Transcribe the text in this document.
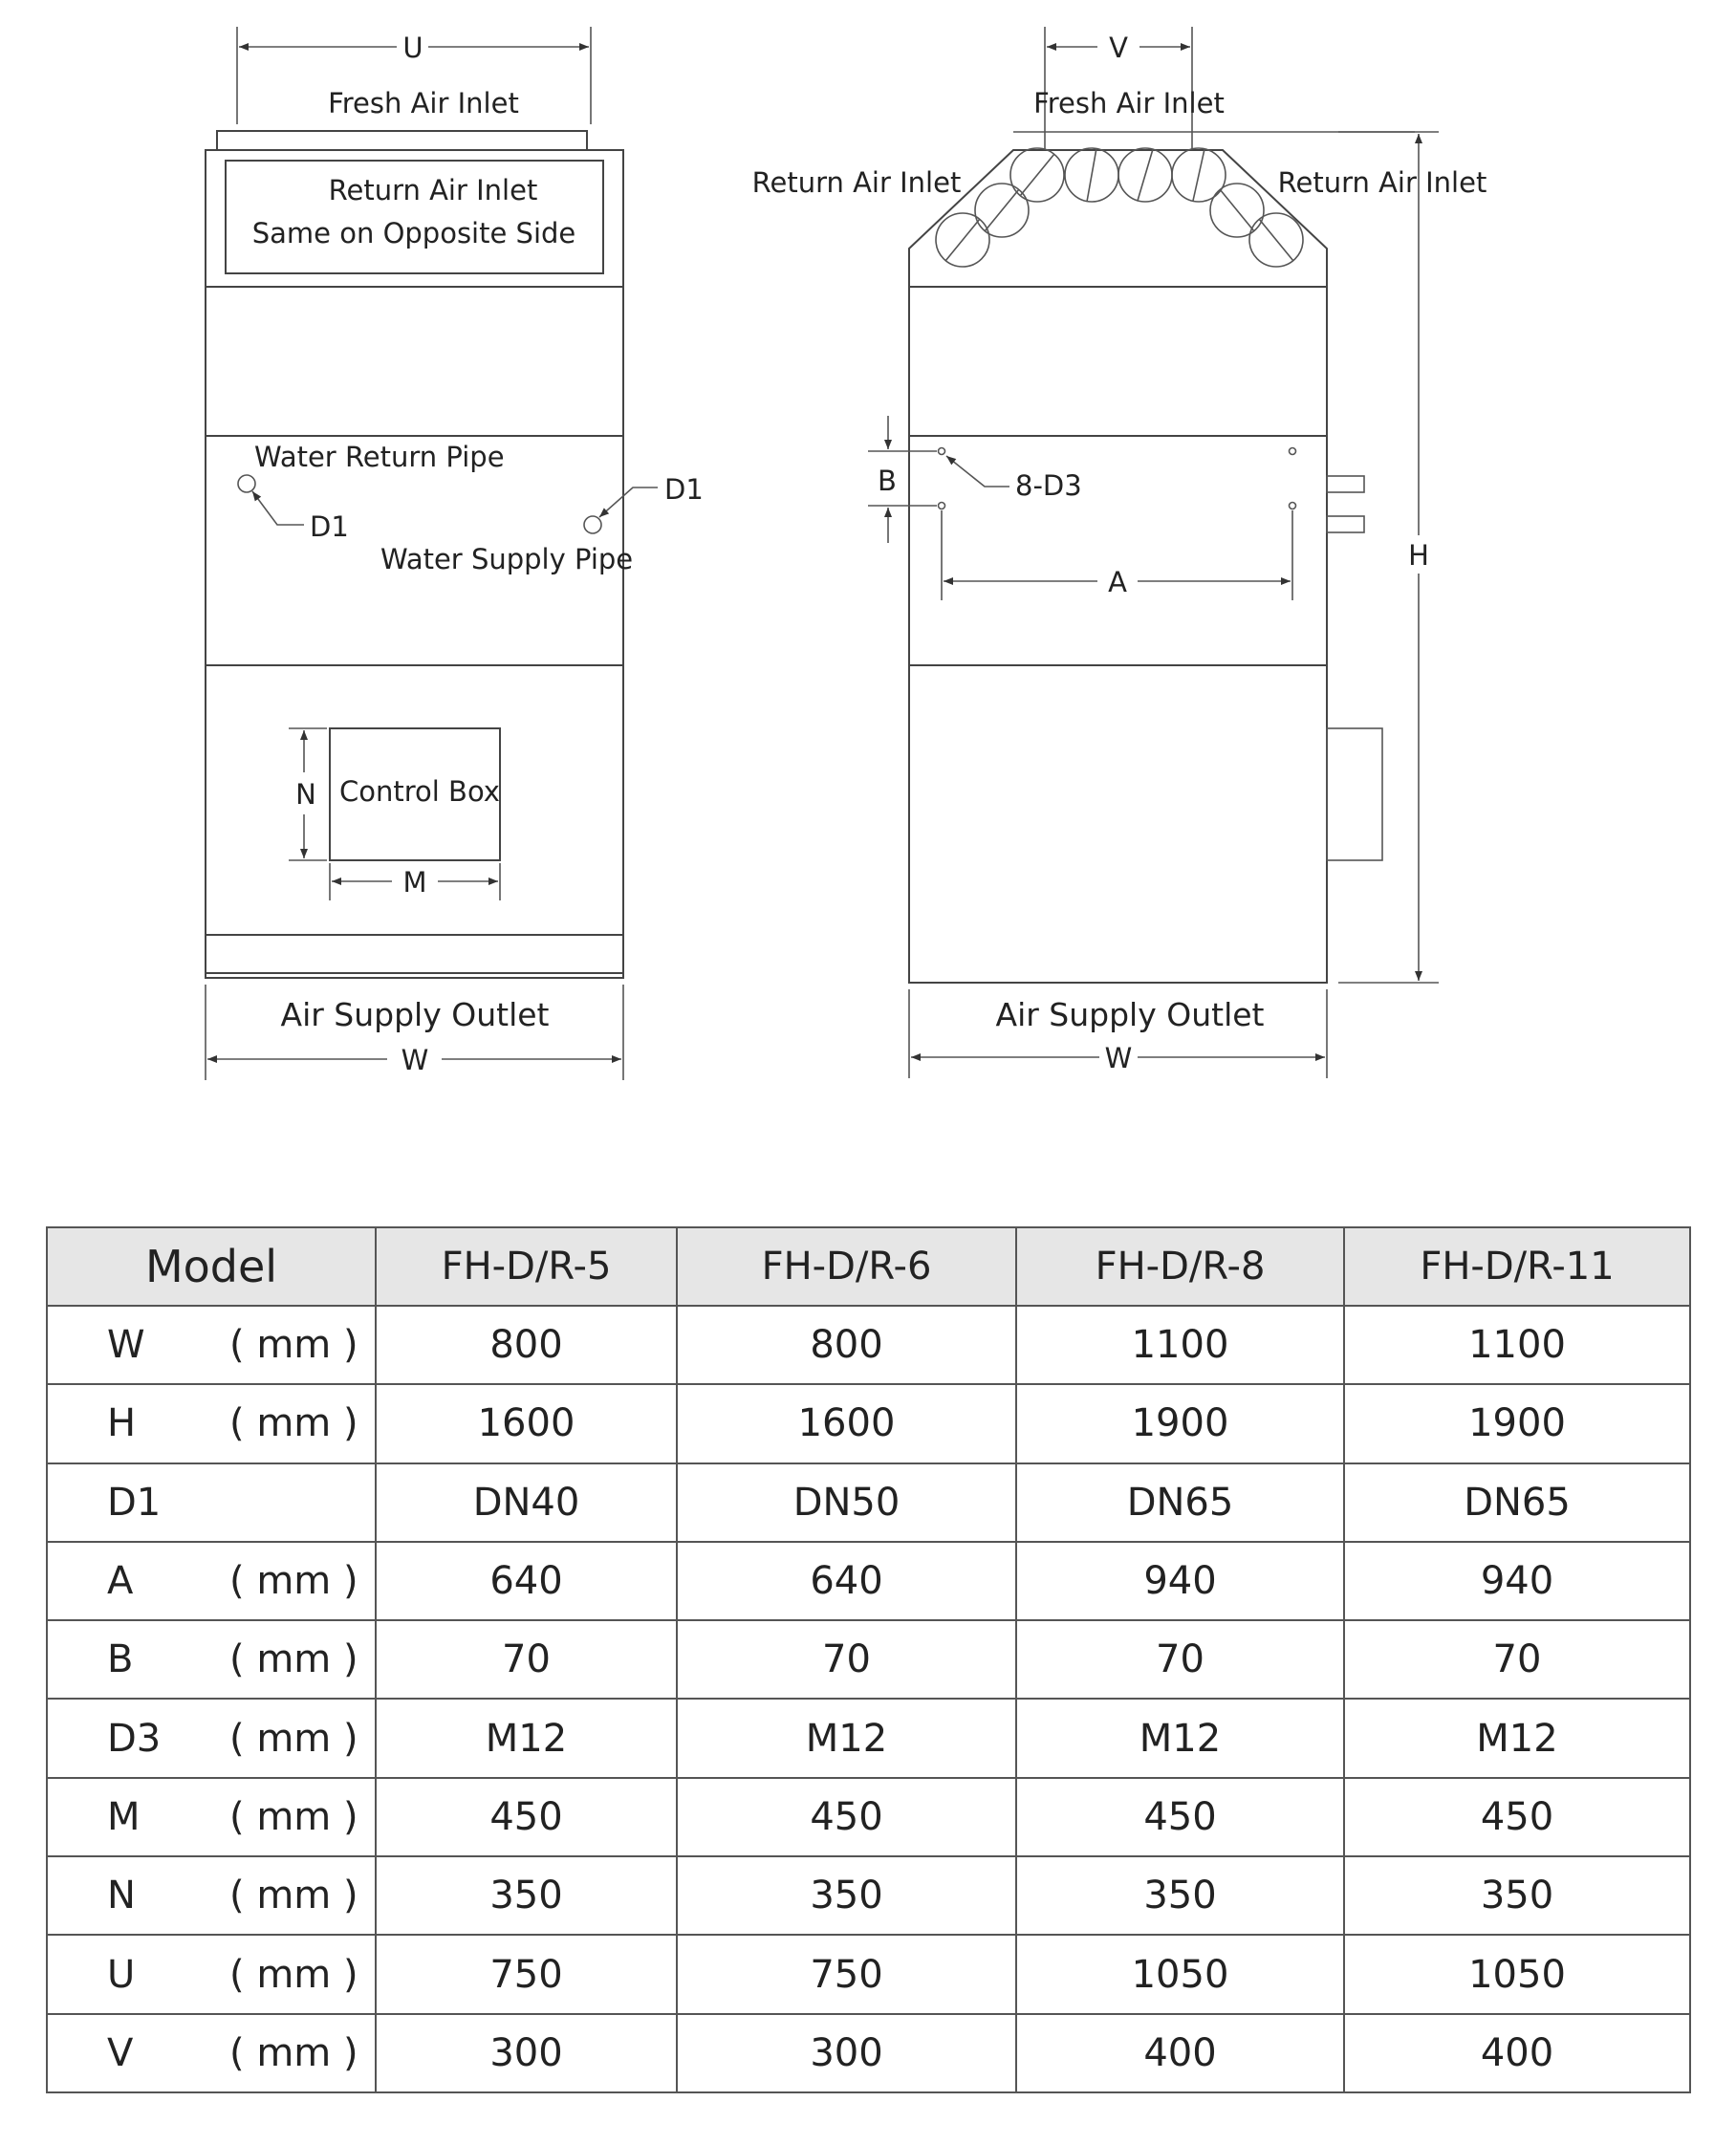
U
Fresh Air Inlet
Return Air Inlet
Same on Opposite Side
Water Return Pipe
D1
D1
Water Supply Pipe
Control Box
N
M
Air Supply Outlet
W
V
Fresh Air Inlet
Return Air Inlet	Return Air Inlet
8-D3
B
A
H
Air Supply Outlet
W
Model	FH-D/R-5	FH-D/R-6	FH-D/R-8	FH-D/R-11
W ( mm )	800	800	1100	1100
H ( mm )	1600	1600	1900	1900
D1	DN40	DN50	DN65	DN65
A ( mm )	640	640	940	940
B ( mm )	70	70	70	70
D3 ( mm )	M12	M12	M12	M12
M ( mm )	450	450	450	450
N ( mm )	350	350	350	350
U ( mm )	750	750	1050	1050
V ( mm )	300	300	400	400
